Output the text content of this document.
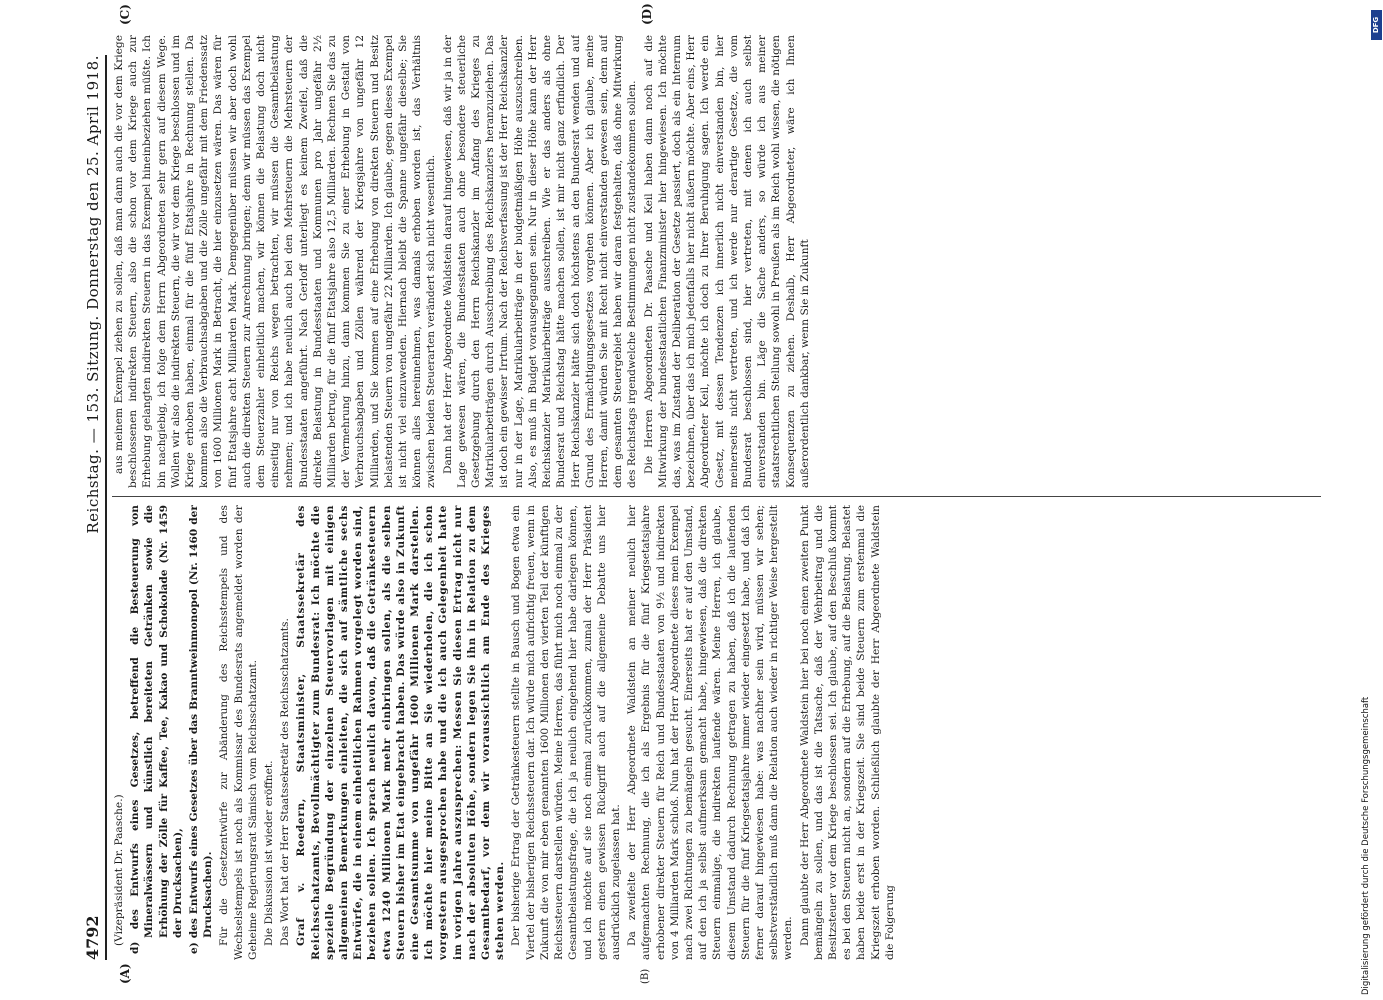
4792
Reichstag. — 153. Sitzung. Donnerstag den 25. April 1918.
(A)	(B)
(C)	(D)

(Vizepräsident Dr. Paasche.) d) des Entwurfs eines Gesetzes, betreffend die Besteuerung von Mineralwässern und künstlich bereiteten Getränken sowie die Erhöhung der Zölle für Kaffee, Tee, Kakao und Schokolade (Nr. 1459 der Drucksachen), e) des Entwurfs eines Gesetzes über das Branntweinmonopol (Nr. 1460 der Drucksachen). Für die Gesetzentwürfe zur Abänderung des Reichsstempels und des Wechselstempels ist noch als Kommissar des Bundesrats angemeldet worden der Geheime Regierungsrat Sämisch vom Reichsschatzamt. Die Diskussion ist wieder eröffnet. Das Wort hat der Herr Staatssekretär des Reichsschatzamts. Graf v. Roedern, Staatsminister, Staatssekretär des Reichsschatzamts, Bevollmächtigter zum Bundesrat: Ich möchte die spezielle Begründung der einzelnen Steuervorlagen mit einigen allgemeinen Bemerkungen einleiten, die sich auf sämtliche sechs Entwürfe, die in einem einheitlichen Rahmen vorgelegt worden sind, beziehen sollen. Ich sprach neulich davon, daß die Getränkesteuern etwa 1240 Millionen Mark mehr einbringen sollen, als die selben Steuern bisher im Etat eingebracht haben. Das würde also in Zukunft eine Gesamtsumme von ungefähr 1600 Millionen Mark darstellen. Ich möchte hier meine Bitte an Sie wiederholen, die ich schon vorgestern ausgesprochen habe und die ich auch Gelegenheit hatte im vorigen Jahre auszusprechen: Messen Sie diesen Ertrag nicht nur nach der absoluten Höhe, sondern legen Sie ihn in Relation zu dem Gesamtbedarf, vor dem wir voraussichtlich am Ende des Krieges stehen werden. Der bisherige Ertrag der Getränkesteuern stellte in Bausch und Bogen etwa ein Viertel der bisherigen Reichssteuern dar. Ich würde mich aufrichtig freuen, wenn in Zukunft die von mir eben genannten 1600 Millionen den vierten Teil der künftigen Reichssteuern darstellen würden. Meine Herren, das führt mich noch einmal zu der Gesamtbelastungsfrage, die ich ja neulich eingehend hier habe darlegen können, und ich möchte auf sie noch einmal zurückkommen, zumal der Herr Präsident gestern einen gewissen Rückgriff auch auf die allgemeine Debatte uns hier ausdrücklich zugelassen hat. Da zweifelte der Herr Abgeordnete Waldstein an meiner neulich hier aufgemachten Rechnung, die ich als Ergebnis für die fünf Kriegsetatsjahre erhobener direkter Steuern für Reich und Bundesstaaten von 9½ und indirekten von 4 Milliarden Mark schloß. Nun hat der Herr Abgeordnete dieses mein Exempel nach zwei Richtungen zu bemängeln gesucht. Einerseits hat er auf den Umstand, auf den ich ja selbst aufmerksam gemacht habe, hingewiesen, daß die direkten Steuern einmalige, die indirekten laufende wären. Meine Herren, ich glaube, diesem Umstand dadurch Rechnung getragen zu haben, daß ich die laufenden Steuern für die fünf Kriegsetatsjahre immer wieder eingesetzt habe, und daß ich ferner darauf hingewiesen habe: was nachher sein wird, müssen wir sehen; selbstverständlich muß dann die Relation auch wieder in richtiger Weise hergestellt werden. Dann glaubte der Herr Abgeordnete Waldstein hier bei noch einen zweiten Punkt bemängeln zu sollen, und das ist die Tatsache, daß der Wehrbeitrag und die Besitzsteuer vor dem Kriege beschlossen sei. Ich glaube, auf den Beschluß kommt es bei den Steuern nicht an, sondern auf die Erhebung, auf die Belastung. Belastet haben beide erst in der Kriegszeit. Sie sind beide Steuern zum erstenmal die Kriegszeit erhoben worden. Schließlich glaubte der Herr Abgeordnete Waldstein die Folgerung

aus meinem Exempel ziehen zu sollen, daß man dann auch die vor dem Kriege beschlossenen indirekten Steuern, also die schon vor dem Kriege auch zur Erhebung gelangten indirekten Steuern in das Exempel hineinbeziehen müßte. Ich bin nachgiebig, ich folge dem Herrn Abgeordneten sehr gern auf diesem Wege. Wollen wir also die indirekten Steuern, die wir vor dem Kriege beschlossen und im Kriege erhoben haben, einmal für die fünf Etatsjahre in Rechnung stellen. Da kommen also die Verbrauchsabgaben und die Zölle ungefähr mit dem Friedenssatz von 1600 Millionen Mark in Betracht, die hier einzusetzen wären. Das wären für fünf Etatsjahre acht Milliarden Mark. Demgegenüber müssen wir aber doch wohl auch die direkten Steuern zur Anrechnung bringen; denn wir müssen das Exempel dem Steuerzahler einheitlich machen, wir können die Belastung doch nicht einseitig nur von Reichs wegen betrachten, wir müssen die Gesamtbelastung nehmen; und ich habe neulich auch bei den Mehrsteuern die Mehrsteuern der Bundesstaaten angeführt. Nach Gerloff unterliegt es keinem Zweifel, daß die direkte Belastung in Bundesstaaten und Kommunen pro Jahr ungefähr 2½ Milliarden betrug, für die fünf Etatsjahre also 12,5 Milliarden. Rechnen Sie das zu der Vermehrung hinzu, dann kommen Sie zu einer Erhebung in Gestalt von Verbrauchsabgaben und Zöllen während der Kriegsjahre von ungefähr 12 Milliarden, und Sie kommen auf eine Erhebung von direkten Steuern und Besitz belastenden Steuern von ungefähr 22 Milliarden. Ich glaube, gegen dieses Exempel ist nicht viel einzuwenden. Hiernach bleibt die Spanne ungefähr dieselbe; Sie können alles hereinnehmen, was damals erhoben worden ist, das Verhältnis zwischen beiden Steuerarten verändert sich nicht wesentlich. Dann hat der Herr Abgeordnete Waldstein darauf hingewiesen, daß wir ja in der Lage gewesen wären, die Bundesstaaten auch ohne besondere steuerliche Gesetzgebung durch den Herrn Reichskanzler im Anfang des Krieges zu Matrikularbeiträgen durch Ausschreibung des Reichskanzlers heranzuziehen. Das ist doch ein gewisser Irrtum. Nach der Reichsverfassung ist der Herr Reichskanzler nur in der Lage, Matrikularbeiträge in der budgetmäßigen Höhe auszuschreiben. Also, es muß im Budget vorausgegangen sein. Nur in dieser Höhe kann der Herr Reichskanzler Matrikularbeiträge ausschreiben. Wie er das anders als ohne Bundesrat und Reichstag hätte machen sollen, ist mir nicht ganz erfindlich. Der Herr Reichskanzler hätte sich doch höchstens an den Bundesrat wenden und auf Grund des Ermächtigungsgesetzes vorgehen können. Aber ich glaube, meine Herren, damit würden Sie mit Recht nicht einverstanden gewesen sein, denn auf dem gesamten Steuergebiet haben wir daran festgehalten, daß ohne Mitwirkung des Reichstags irgendwelche Bestimmungen nicht zustandekommen sollen. Die Herren Abgeordneten Dr. Paasche und Keil haben dann noch auf die Mitwirkung der bundesstaatlichen Finanzminister hier hingewiesen. Ich möchte das, was im Zustand der Deliberation der Gesetze passiert, doch als ein Internum bezeichnen, über das ich mich jedenfalls hier nicht äußern möchte. Aber eins, Herr Abgeordneter Keil, möchte ich doch zu Ihrer Beruhigung sagen. Ich werde ein Gesetz, mit dessen Tendenzen ich innerlich nicht einverstanden bin, hier meinerseits nicht vertreten, und ich werde nur derartige Gesetze, die vom Bundesrat beschlossen sind, hier vertreten, mit denen ich auch selbst einverstanden bin. Läge die Sache anders, so würde ich aus meiner staatsrechtlichen Stellung sowohl in Preußen als im Reich wohl wissen, die nötigen Konsequenzen zu ziehen. Deshalb, Herr Abgeordneter, wäre ich Ihnen außerordentlich dankbar, wenn Sie in Zukunft

Digitalisierung gefördert durch die Deutsche Forschungsgemeinschaft
DFG
